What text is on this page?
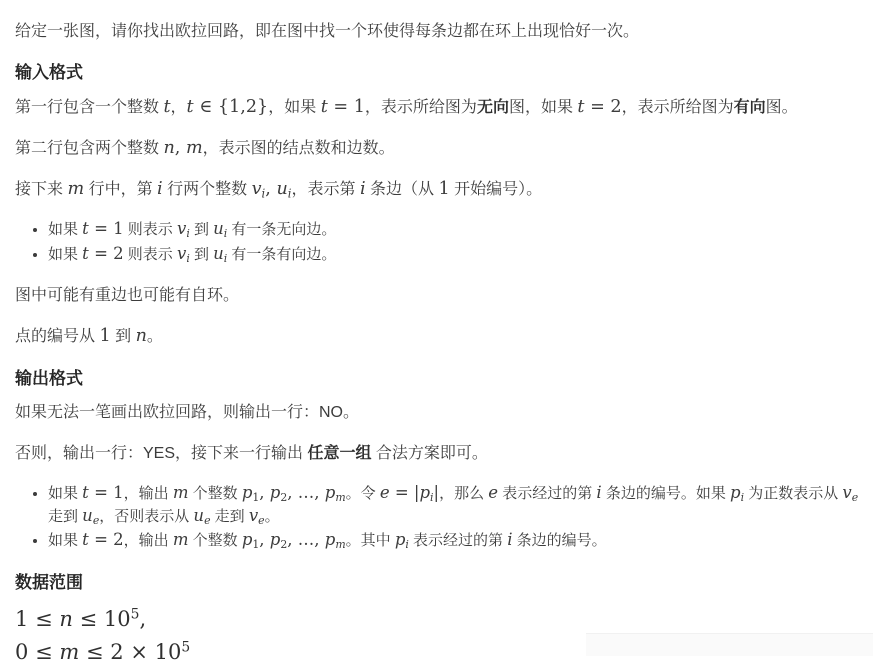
给定一张图，请你找出欧拉回路，即在图中找一个环使得每条边都在环上出现恰好一次。

输入格式

第一行包含一个整数 t，t ∈ {1,2}，如果 t = 1，表示所给图为无向图，如果 t = 2，表示所给图为有向图。

第二行包含两个整数 n, m，表示图的结点数和边数。

接下来 m 行中，第 i 行两个整数 vi, ui，表示第 i 条边（从 1 开始编号）。

• 如果 t = 1 则表示 vi 到 ui 有一条无向边。
• 如果 t = 2 则表示 vi 到 ui 有一条有向边。

图中可能有重边也可能有自环。

点的编号从 1 到 n。

输出格式

如果无法一笔画出欧拉回路，则输出一行：NO。

否则，输出一行：YES，接下来一行输出 任意一组 合法方案即可。

• 如果 t = 1，输出 m 个整数 p1, p2, …, pm。令 e = |pi|，那么 e 表示经过的第 i 条边的编号。如果 pi 为正数表示从 ve 走到 ue，否则表示从 ue 走到 ve。
• 如果 t = 2，输出 m 个整数 p1, p2, …, pm。其中 pi 表示经过的第 i 条边的编号。
数据范围
$1 \le n \le 10^5$,
$0 \le m \le 2 \times 10^5$
